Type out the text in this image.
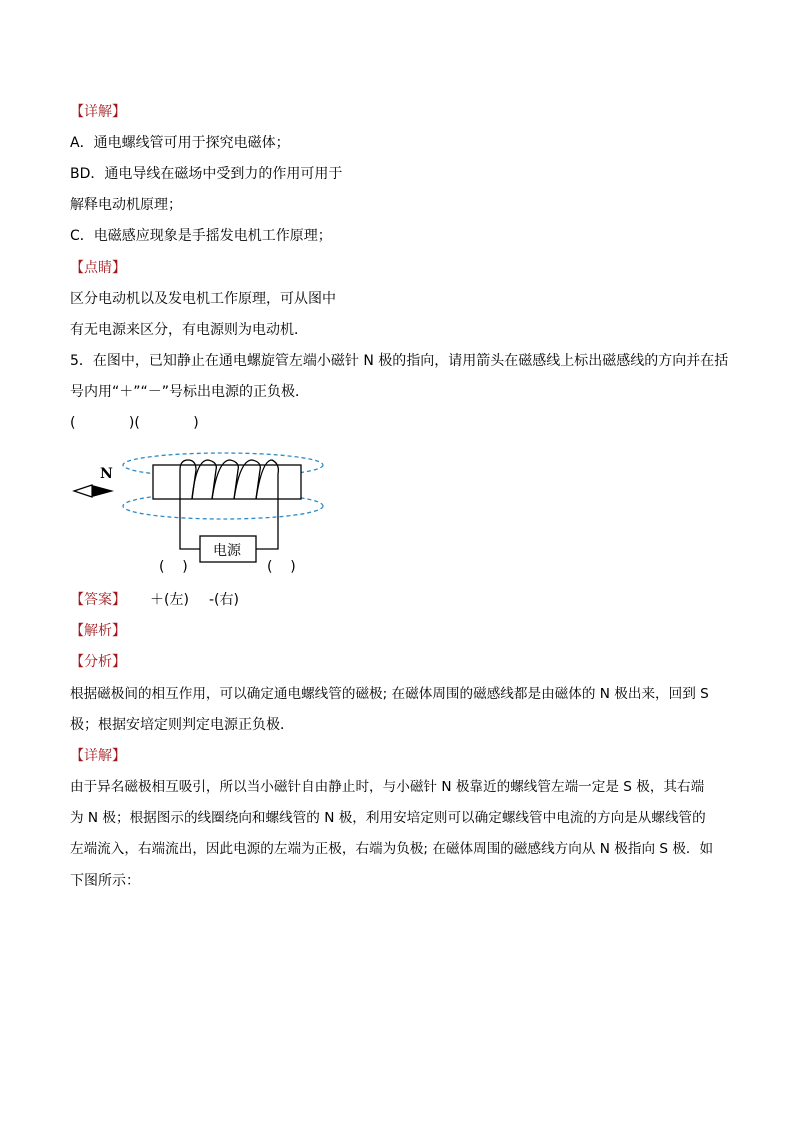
【详解】
A．通电螺线管可用于探究电磁体；
BD．通电导线在磁场中受到力的作用可用于
解释电动机原理；
C．电磁感应现象是手摇发电机工作原理；
【点睛】
区分电动机以及发电机工作原理，可从图中
有无电源来区分，有电源则为电动机．
5．在图中，已知静止在通电螺旋管左端小磁针 N 极的指向，请用箭头在磁感线上标出磁感线的方向并在括
号内用“＋”“－”号标出电源的正负极．
(            )(            )
N
电源
(    )	(    )
【答案】 ＋(左) -(右)
【解析】
【分析】
根据磁极间的相互作用，可以确定通电螺线管的磁极; 在磁体周围的磁感线都是由磁体的 N 极出来，回到 S
极；根据安培定则判定电源正负极．
【详解】
由于异名磁极相互吸引，所以当小磁针自由静止时，与小磁针 N 极靠近的螺线管左端一定是 S 极，其右端
为 N 极；根据图示的线圈绕向和螺线管的 N 极，利用安培定则可以确定螺线管中电流的方向是从螺线管的
左端流入，右端流出，因此电源的左端为正极，右端为负极; 在磁体周围的磁感线方向从 N 极指向 S 极．如
下图所示：
